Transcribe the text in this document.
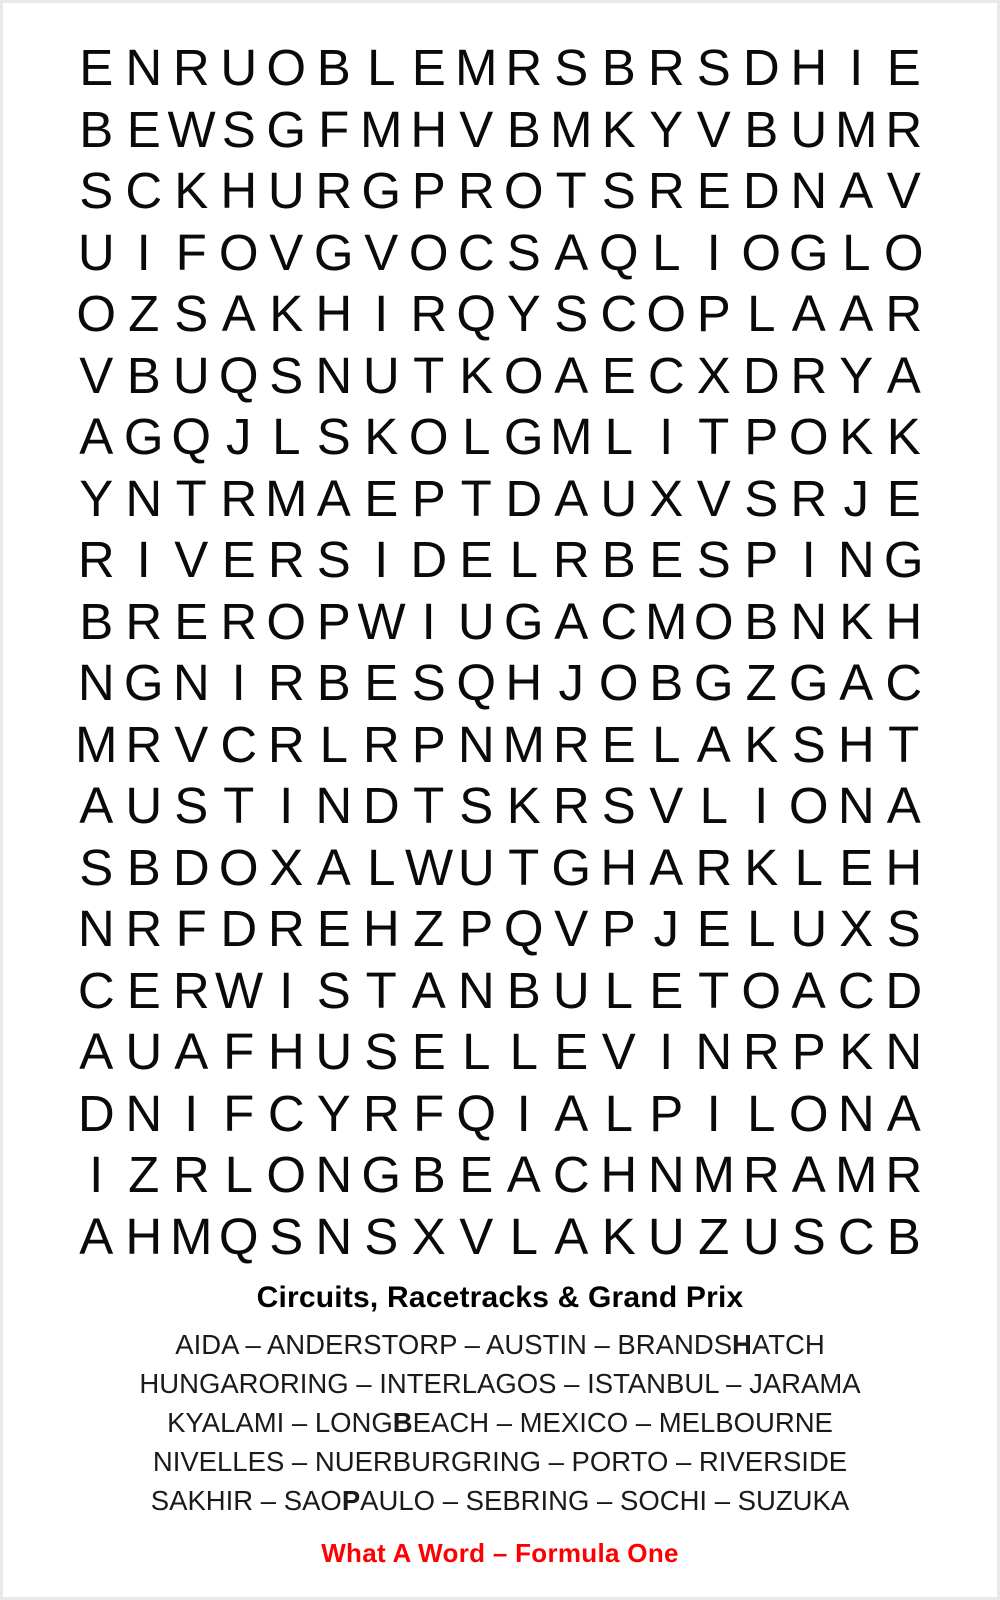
E N R U O B L E M R S B R S D H I E
B E W S G F M H V B M K Y V B U M R
S C K H U R G P R O T S R E D N A V
U I F O V G V O C S A Q L I O G L O
O Z S A K H I R Q Y S C O P L A A R
V B U Q S N U T K O A E C X D R Y A
A G Q J L S K O L G M L I T P O K K
Y N T R M A E P T D A U X V S R J E
R I V E R S I D E L R B E S P I N G
B R E R O P W I U G A C M O B N K H
N G N I R B E S Q H J O B G Z G A C
M R V C R L R P N M R E L A K S H T
A U S T I N D T S K R S V L I O N A
S B D O X A L W U T G H A R K L E H
N R F D R E H Z P Q V P J E L U X S
C E R W I S T A N B U L E T O A C D
A U A F H U S E L L E V I N R P K N
D N I F C Y R F Q I A L P I L O N A
I Z R L O N G B E A C H N M R A M R
A H M Q S N S X V L A K U Z U S C B
Circuits, Racetracks & Grand Prix
AIDA – ANDERSTORP – AUSTIN – BRANDSHATCH
HUNGARORING – INTERLAGOS – ISTANBUL – JARAMA
KYALAMI – LONGBEACH – MEXICO – MELBOURNE
NIVELLES – NUERBURGRING – PORTO – RIVERSIDE
SAKHIR – SAOPAULO – SEBRING – SOCHI – SUZUKA
What A Word – Formula One
